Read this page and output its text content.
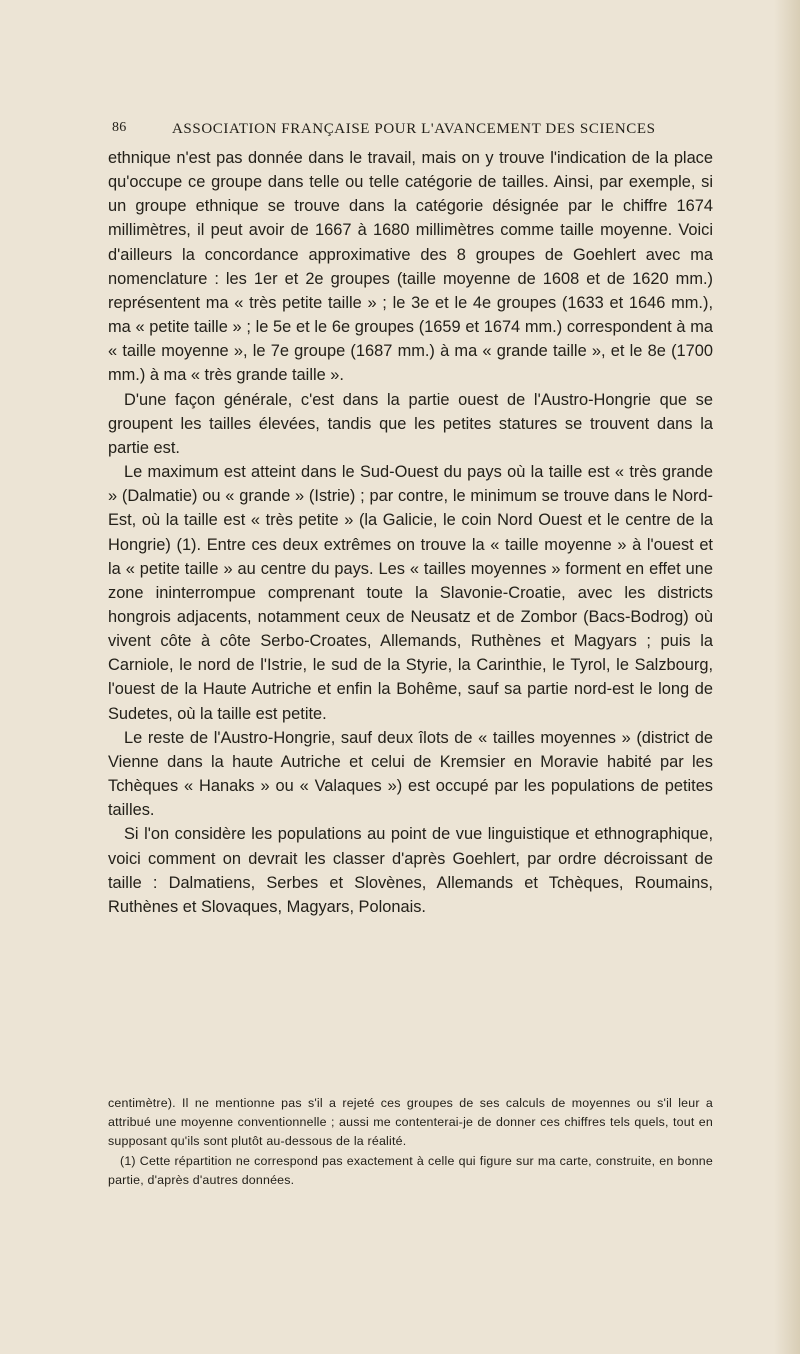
86	ASSOCIATION FRANÇAISE POUR L'AVANCEMENT DES SCIENCES

ethnique n'est pas donnée dans le travail, mais on y trouve l'indication de la place qu'occupe ce groupe dans telle ou telle catégorie de tailles. Ainsi, par exemple, si un groupe ethnique se trouve dans la catégorie désignée par le chiffre 1674 millimètres, il peut avoir de 1667 à 1680 millimètres comme taille moyenne. Voici d'ailleurs la concordance approximative des 8 groupes de Goehlert avec ma nomenclature : les 1er et 2e groupes (taille moyenne de 1608 et de 1620 mm.) représentent ma « très petite taille » ; le 3e et le 4e groupes (1633 et 1646 mm.), ma « petite taille » ; le 5e et le 6e groupes (1659 et 1674 mm.) correspondent à ma « taille moyenne », le 7e groupe (1687 mm.) à ma « grande taille », et le 8e (1700 mm.) à ma « très grande taille ».

D'une façon générale, c'est dans la partie ouest de l'Austro-Hongrie que se groupent les tailles élevées, tandis que les petites statures se trouvent dans la partie est.

Le maximum est atteint dans le Sud-Ouest du pays où la taille est « très grande » (Dalmatie) ou « grande » (Istrie) ; par contre, le minimum se trouve dans le Nord-Est, où la taille est « très petite » (la Galicie, le coin Nord Ouest et le centre de la Hongrie) (1). Entre ces deux extrêmes on trouve la « taille moyenne » à l'ouest et la « petite taille » au centre du pays. Les « tailles moyennes » forment en effet une zone ininterrompue comprenant toute la Slavonie-Croatie, avec les districts hongrois adjacents, notamment ceux de Neusatz et de Zombor (Bacs-Bodrog) où vivent côte à côte Serbo-Croates, Allemands, Ruthènes et Magyars ; puis la Carniole, le nord de l'Istrie, le sud de la Styrie, la Carinthie, le Tyrol, le Salzbourg, l'ouest de la Haute Autriche et enfin la Bohême, sauf sa partie nord-est le long de Sudetes, où la taille est petite.

Le reste de l'Austro-Hongrie, sauf deux îlots de « tailles moyennes » (district de Vienne dans la haute Autriche et celui de Kremsier en Moravie habité par les Tchèques « Hanaks » ou « Valaques ») est occupé par les populations de petites tailles.

Si l'on considère les populations au point de vue linguistique et ethnographique, voici comment on devrait les classer d'après Goehlert, par ordre décroissant de taille : Dalmatiens, Serbes et Slovènes, Allemands et Tchèques, Roumains, Ruthènes et Slovaques, Magyars, Polonais.

centimètre). Il ne mentionne pas s'il a rejeté ces groupes de ses calculs de moyennes ou s'il leur a attribué une moyenne conventionnelle ; aussi me contenterai-je de donner ces chiffres tels quels, tout en supposant qu'ils sont plutôt au-dessous de la réalité.

(1) Cette répartition ne correspond pas exactement à celle qui figure sur ma carte, construite, en bonne partie, d'après d'autres données.
